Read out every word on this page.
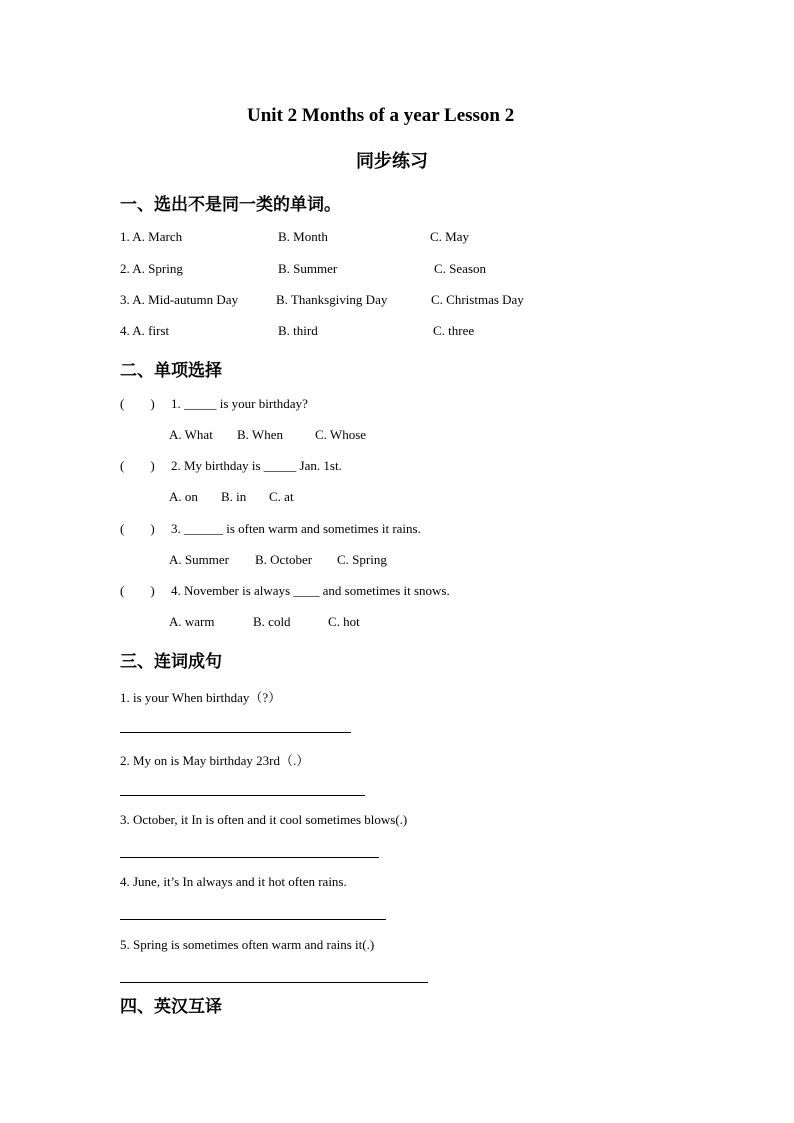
Unit 2 Months of a year Lesson 2
同步练习
一、选出不是同一类的单词。
1. A. March	B. Month	C. May
2. A. Spring	B. Summer	C. Season
3. A. Mid-autumn Day	B. Thanksgiving Day	C. Christmas Day
4. A. first	B. third	C. three
二、单项选择
(        ) 1. _____ is your birthday?
A. What B. When C. Whose
(        ) 2. My birthday is _____ Jan. 1st.
A. on B. in C. at
(        ) 3. ______ is often warm and sometimes it rains.
A. Summer B. October C. Spring
(        ) 4. November is always ____ and sometimes it snows.
A. warm	B. cold	C. hot
三、连词成句
1. is your When birthday（?）
2. My on is May birthday 23rd（.）
3. October, it In is often and it cool sometimes blows(.)
4. June, it’s In always and it hot often rains.
5. Spring is sometimes often warm and rains it(.)
四、英汉互译
